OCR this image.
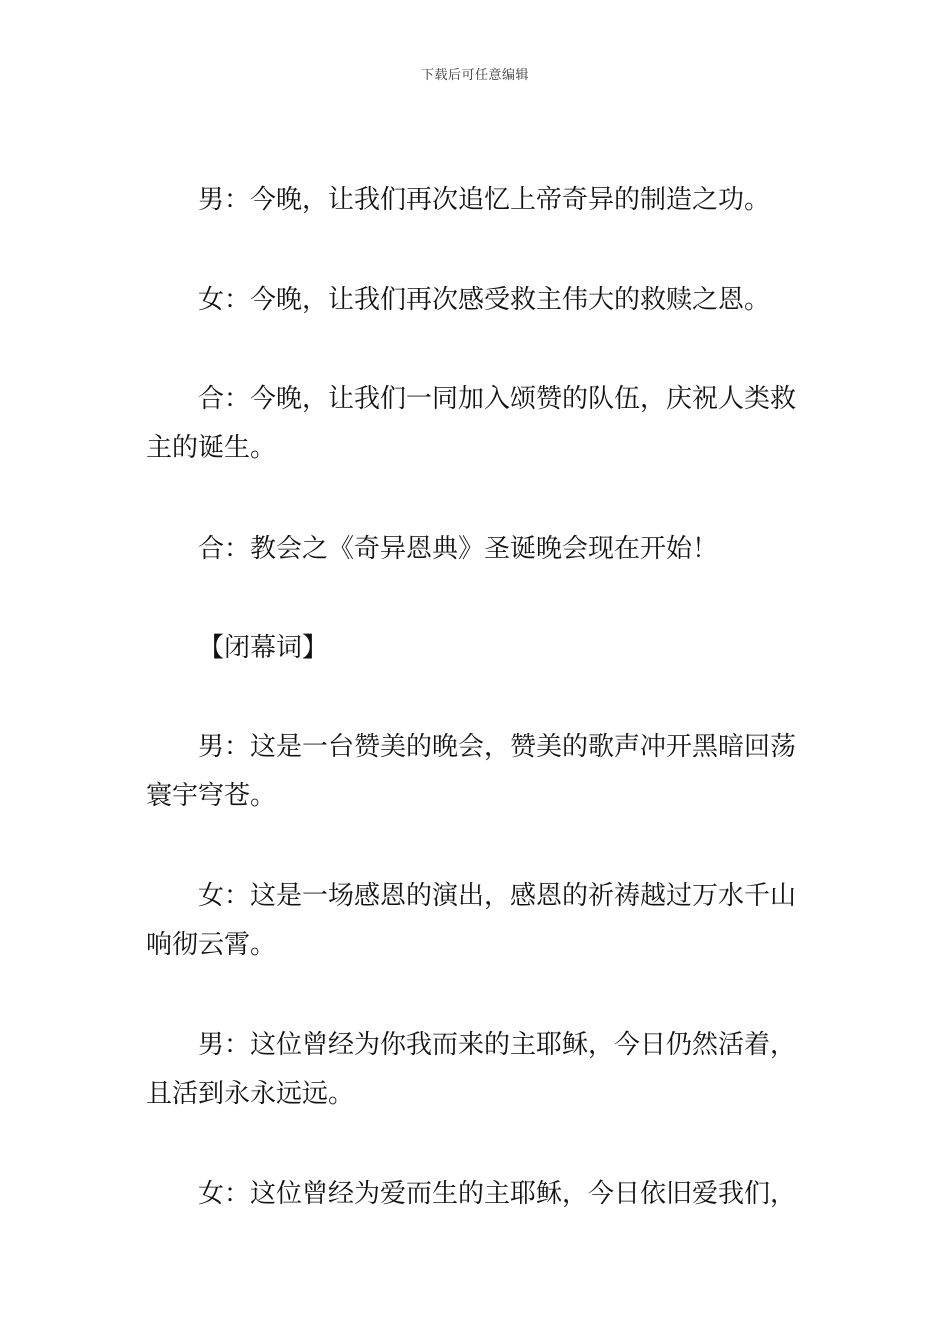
下载后可任意编辑

男：今晚，让我们再次追忆上帝奇异的制造之功。

女：今晚，让我们再次感受救主伟大的救赎之恩。

合：今晚，让我们一同加入颂赞的队伍，庆祝人类救主的诞生。

合：教会之《奇异恩典》圣诞晚会现在开始！

【闭幕词】

男：这是一台赞美的晚会，赞美的歌声冲开黑暗回荡寰宇穹苍。

女：这是一场感恩的演出，感恩的祈祷越过万水千山响彻云霄。

男：这位曾经为你我而来的主耶稣，今日仍然活着，且活到永永远远。

女：这位曾经为爱而生的主耶稣，今日依旧爱我们，
